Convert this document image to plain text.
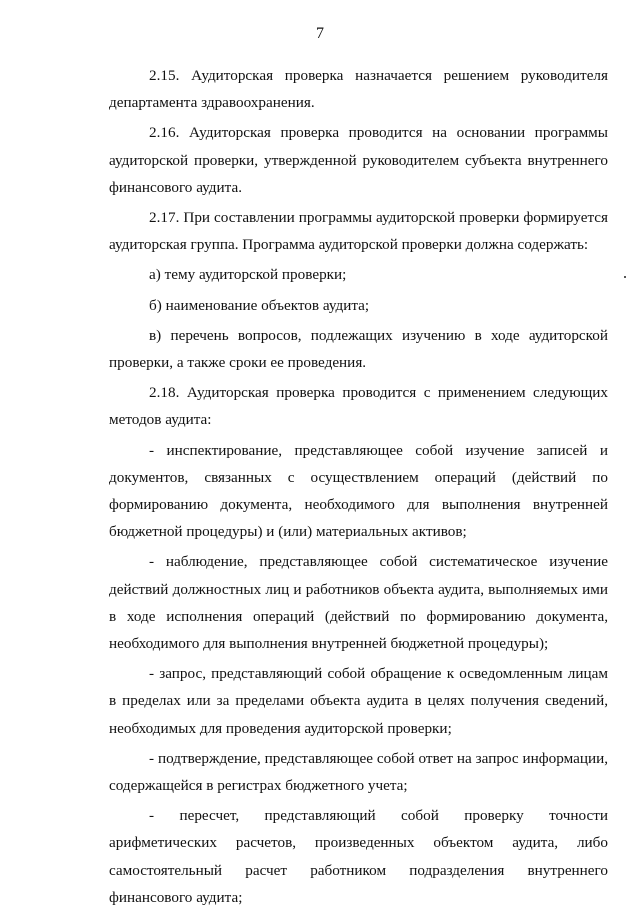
7

2.15. Аудиторская проверка назначается решением руководителя департамента здравоохранения.

2.16. Аудиторская проверка проводится на основании программы аудиторской проверки, утвержденной руководителем субъекта внутреннего финансового аудита.

2.17. При составлении программы аудиторской проверки формируется аудиторская группа. Программа аудиторской проверки должна содержать:

а) тему аудиторской проверки;

б) наименование объектов аудита;

в) перечень вопросов, подлежащих изучению в ходе аудиторской проверки, а также сроки ее проведения.

2.18. Аудиторская проверка проводится с применением следующих методов аудита:

- инспектирование, представляющее собой изучение записей и документов, связанных с осуществлением операций (действий по формированию документа, необходимого для выполнения внутренней бюджетной процедуры) и (или) материальных активов;

- наблюдение, представляющее собой систематическое изучение действий должностных лиц и работников объекта аудита, выполняемых ими в ходе исполнения операций (действий по формированию документа, необходимого для выполнения внутренней бюджетной процедуры);

- запрос, представляющий собой обращение к осведомленным лицам в пределах или за пределами объекта аудита в целях получения сведений, необходимых для проведения аудиторской проверки;

- подтверждение, представляющее собой ответ на запрос информации, содержащейся в регистрах бюджетного учета;

- пересчет, представляющий собой проверку точности арифметических расчетов, произведенных объектом аудита, либо самостоятельный расчет работником подразделения внутреннего финансового аудита;
